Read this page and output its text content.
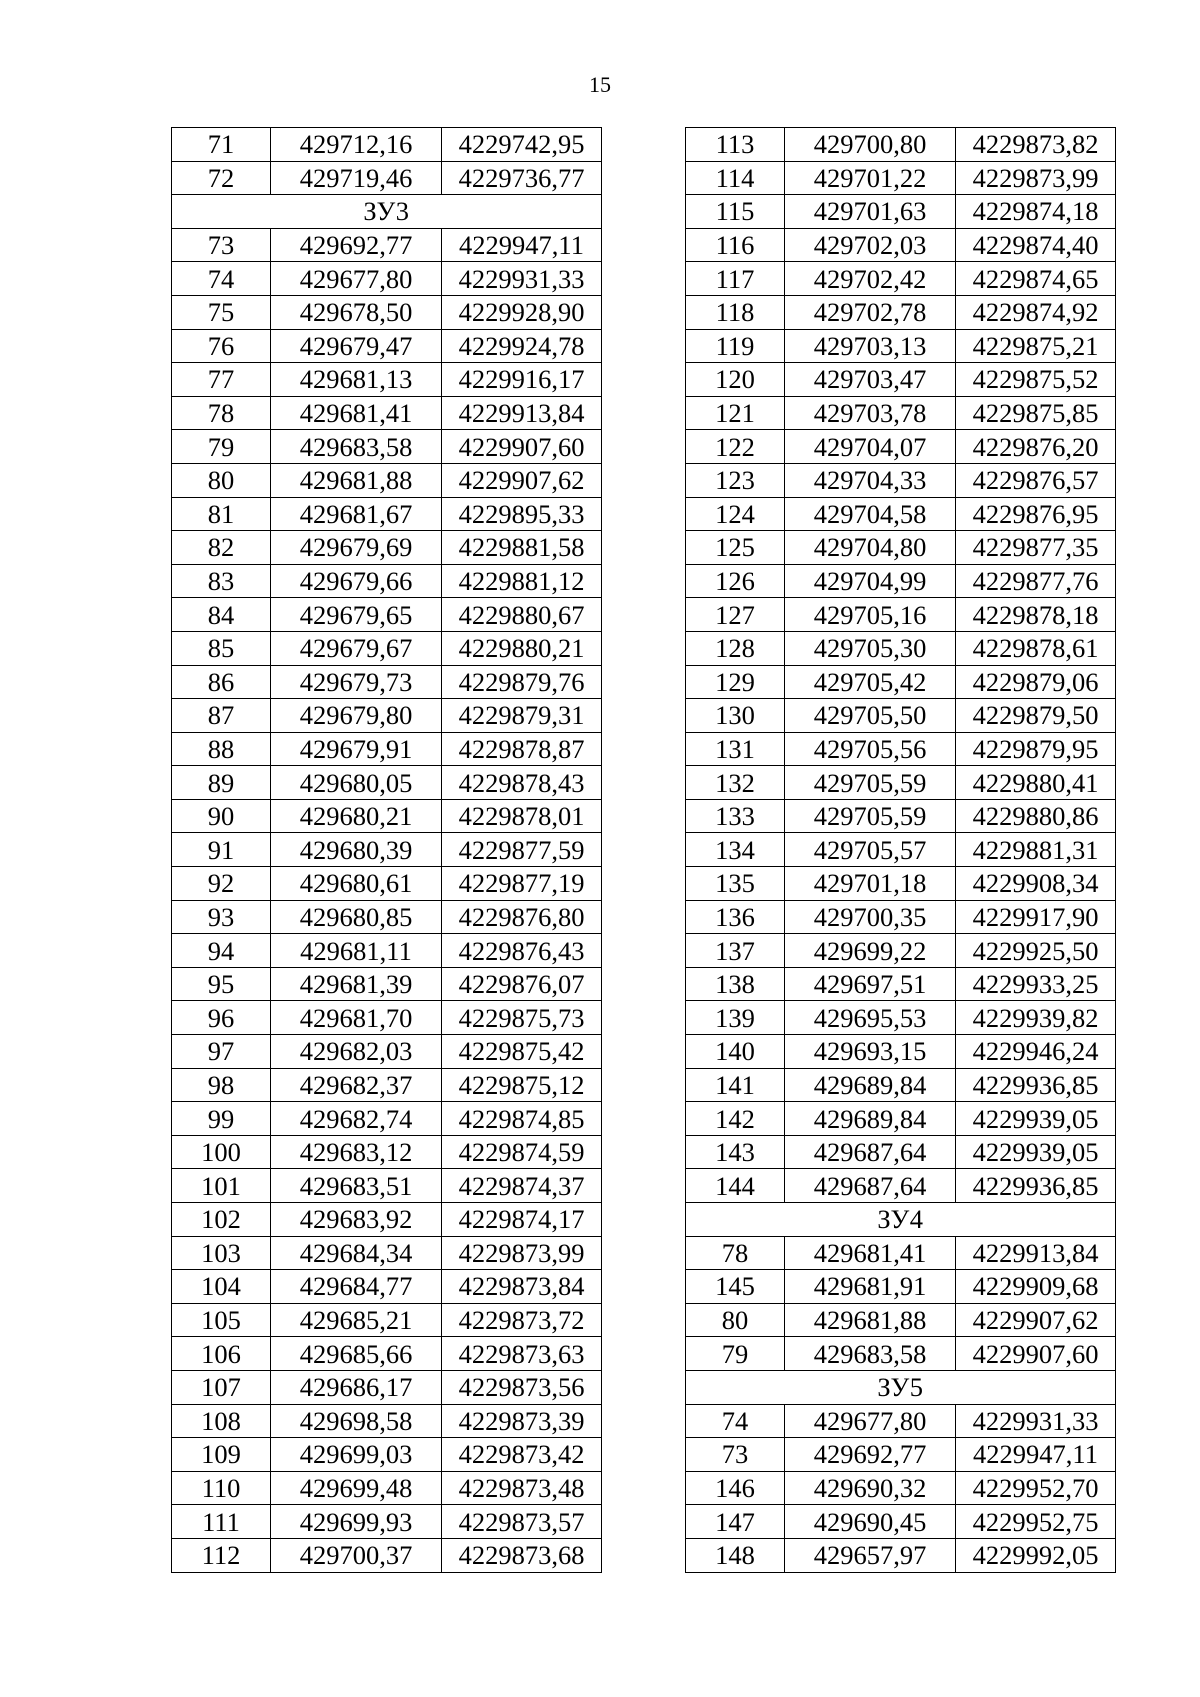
15
71	429712,16	4229742,95
72	429719,46	4229736,77
ЗУ3		
73	429692,77	4229947,11
74	429677,80	4229931,33
75	429678,50	4229928,90
76	429679,47	4229924,78
77	429681,13	4229916,17
78	429681,41	4229913,84
79	429683,58	4229907,60
80	429681,88	4229907,62
81	429681,67	4229895,33
82	429679,69	4229881,58
83	429679,66	4229881,12
84	429679,65	4229880,67
85	429679,67	4229880,21
86	429679,73	4229879,76
87	429679,80	4229879,31
88	429679,91	4229878,87
89	429680,05	4229878,43
90	429680,21	4229878,01
91	429680,39	4229877,59
92	429680,61	4229877,19
93	429680,85	4229876,80
94	429681,11	4229876,43
95	429681,39	4229876,07
96	429681,70	4229875,73
97	429682,03	4229875,42
98	429682,37	4229875,12
99	429682,74	4229874,85
100	429683,12	4229874,59
101	429683,51	4229874,37
102	429683,92	4229874,17
103	429684,34	4229873,99
104	429684,77	4229873,84
105	429685,21	4229873,72
106	429685,66	4229873,63
107	429686,17	4229873,56
108	429698,58	4229873,39
109	429699,03	4229873,42
110	429699,48	4229873,48
111	429699,93	4229873,57
112	429700,37	4229873,68
113	429700,80	4229873,82
114	429701,22	4229873,99
115	429701,63	4229874,18
116	429702,03	4229874,40
117	429702,42	4229874,65
118	429702,78	4229874,92
119	429703,13	4229875,21
120	429703,47	4229875,52
121	429703,78	4229875,85
122	429704,07	4229876,20
123	429704,33	4229876,57
124	429704,58	4229876,95
125	429704,80	4229877,35
126	429704,99	4229877,76
127	429705,16	4229878,18
128	429705,30	4229878,61
129	429705,42	4229879,06
130	429705,50	4229879,50
131	429705,56	4229879,95
132	429705,59	4229880,41
133	429705,59	4229880,86
134	429705,57	4229881,31
135	429701,18	4229908,34
136	429700,35	4229917,90
137	429699,22	4229925,50
138	429697,51	4229933,25
139	429695,53	4229939,82
140	429693,15	4229946,24
141	429689,84	4229936,85
142	429689,84	4229939,05
143	429687,64	4229939,05
144	429687,64	4229936,85
ЗУ4		
78	429681,41	4229913,84
145	429681,91	4229909,68
80	429681,88	4229907,62
79	429683,58	4229907,60
ЗУ5		
74	429677,80	4229931,33
73	429692,77	4229947,11
146	429690,32	4229952,70
147	429690,45	4229952,75
148	429657,97	4229992,05
